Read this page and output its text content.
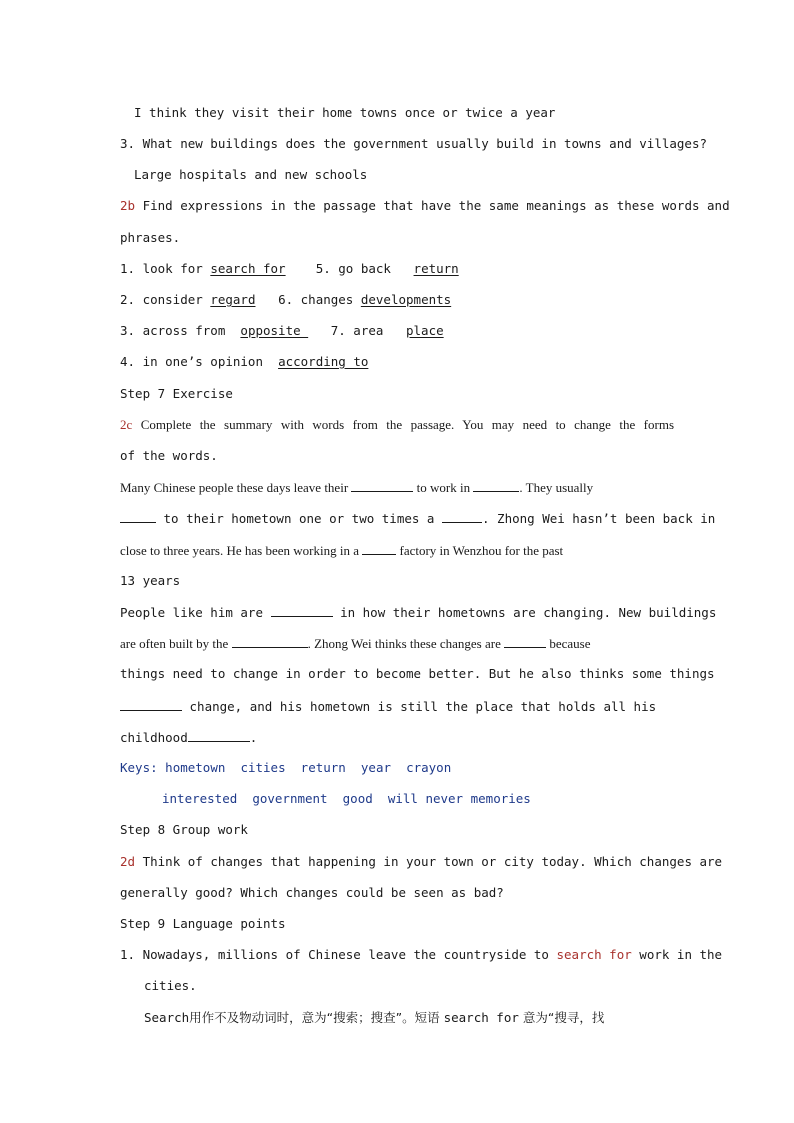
I think they visit their home towns once or twice a year
3. What new buildings does the government usually build in towns and villages?
Large hospitals and new schools
2b Find expressions in the passage that have the same meanings as these words and
phrases.
1. look for search for 5. go back return
2. consider regard 6. changes developments
3. across from opposite    7. area place
4. in one’s opinion according to
Step 7 Exercise
2c Complete the summary with words from the passage. You may need to change the forms
of the words.
Many Chinese people these days leave their	to work in	. They usually
to their hometown one or two times a	. Zhong Wei hasn’t been back in
close to three years. He has been working in a	factory in Wenzhou for the past
13 years
People like him are	in how their hometowns are changing. New buildings
are often built by the	. Zhong Wei thinks these changes are	because
things need to change in order to become better. But he also thinks some things
change, and his hometown is still the place that holds all his
childhood	.
Keys: hometown cities return year crayon
interested government good will never memories
Step 8 Group work
2d Think of changes that happening in your town or city today. Which changes are
generally good? Which changes could be seen as bad?
Step 9 Language points
1. Nowadays, millions of Chinese leave the countryside to search for work in the
cities.
Search用作不及物动词时，意为“搜索；搜查”。短语 search for 意为“搜寻，找
